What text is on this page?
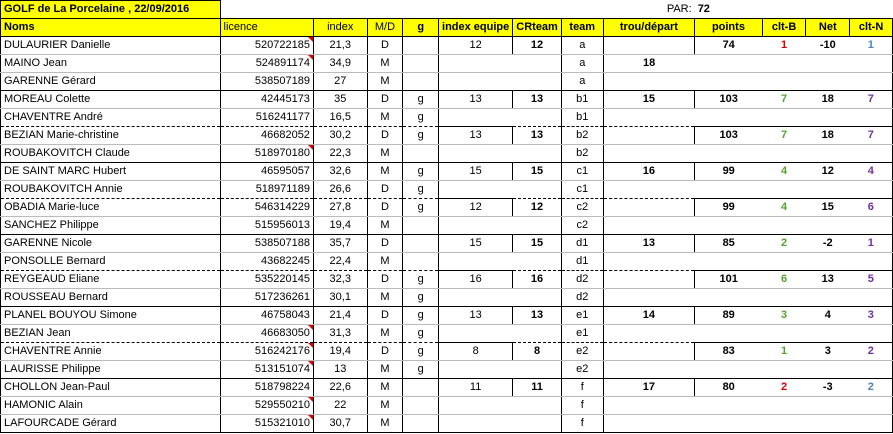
GOLF de La Porcelaine , 22/09/2016								PAR:	72			
Noms	licence	index	M/D	g	index equipe	CRteam	team	trou/départ	points	clt-B	Net	clt-N
DULAURIER Danielle	520722185	21,3	D		12	12	a		74	1	-10	1
MAINO Jean	524891174	34,9	M				a	18				
GARENNE Gérard	538507189	27	M				a					
MOREAU Colette	42445173	35	D	g	13	13	b1	15	103	7	18	7
CHAVENTRE André	516241177	16,5	M	g			b1					
BEZIAN Marie-christine	46682052	30,2	D	g	13	13	b2		103	7	18	7
ROUBAKOVITCH Claude	518970180	22,3	M				b2					
DE SAINT MARC Hubert	46595057	32,6	M	g	15	15	c1	16	99	4	12	4
ROUBAKOVITCH Annie	518971189	26,6	D	g			c1					
OBADIA Marie-luce	546314229	27,8	D	g	12	12	c2		99	4	15	6
SANCHEZ Philippe	515956013	19,4	M				c2					
GARENNE Nicole	538507188	35,7	D		15	15	d1	13	85	2	-2	1
PONSOLLE Bernard	43682245	22,4	M				d1					
REYGEAUD Eliane	535220145	32,3	D	g	16	16	d2		101	6	13	5
ROUSSEAU Bernard	517236261	30,1	M	g			d2					
PLANEL BOUYOU Simone	46758043	21,4	D	g	13	13	e1	14	89	3	4	3
BEZIAN Jean	46683050	31,3	M	g			e1					
CHAVENTRE Annie	516242176	19,4	D	g	8	8	e2		83	1	3	2
LAURISSE Philippe	513151074	13	M	g			e2					
CHOLLON Jean-Paul	518798224	22,6	M		11	11	f	17	80	2	-3	2
HAMONIC Alain	529550210	22	M				f					
LAFOURCADE Gérard	515321010	30,7	M				f					
